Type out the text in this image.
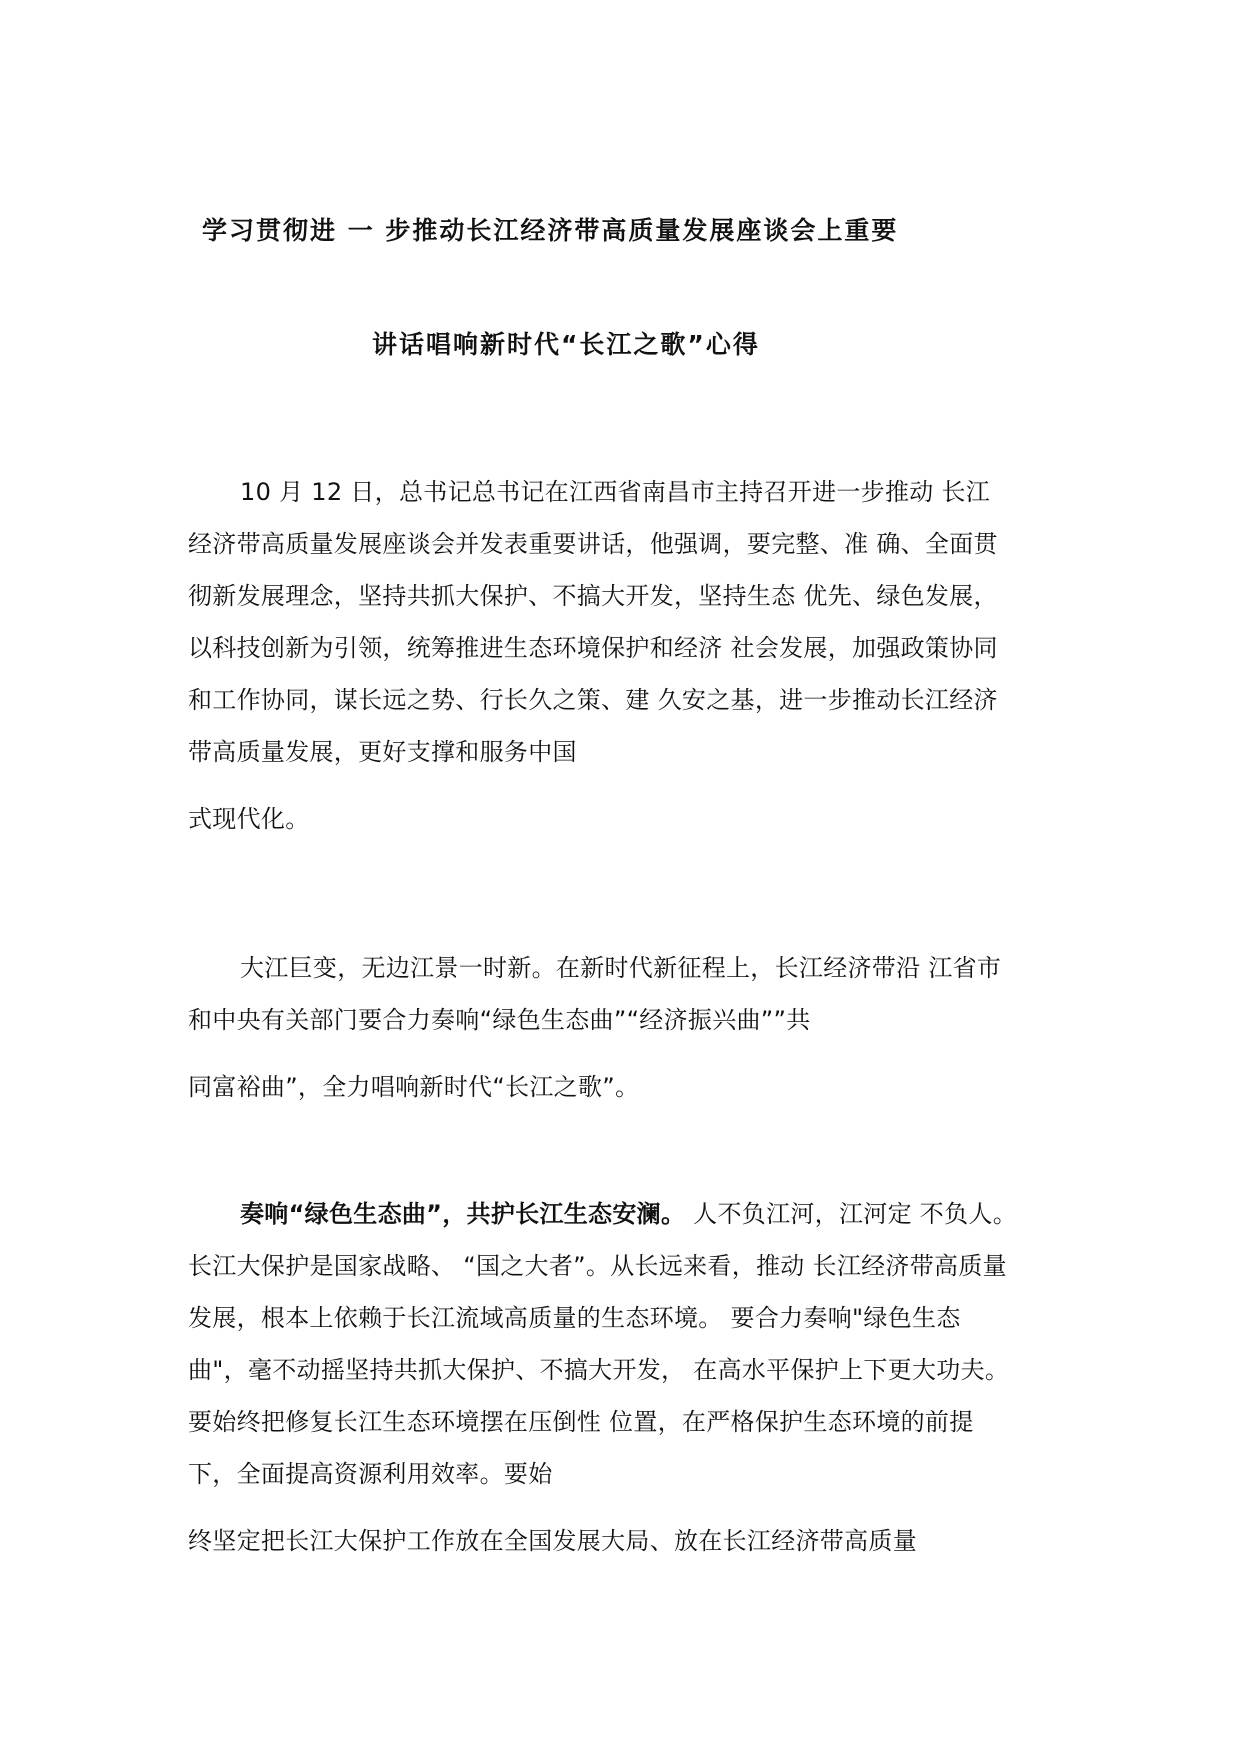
学习贯彻进 一 步推动长江经济带高质量发展座谈会上重要
讲话唱响新时代“长江之歌”心得
10 月 12 日，总书记总书记在江西省南昌市主持召开进一步推动 长江
经济带高质量发展座谈会并发表重要讲话，他强调，要完整、准 确、全面贯
彻新发展理念，坚持共抓大保护、不搞大开发，坚持生态 优先、绿色发展，
以科技创新为引领，统筹推进生态环境保护和经济 社会发展，加强政策协同
和工作协同，谋长远之势、行长久之策、建 久安之基，进一步推动长江经济
带高质量发展，更好支撑和服务中国
式现代化。
大江巨变，无边江景一时新。在新时代新征程上，长江经济带沿 江省市
和中央有关部门要合力奏响“绿色生态曲”“经济振兴曲””共
同富裕曲”，全力唱响新时代“长江之歌”。
奏响“绿色生态曲”，共护长江生态安澜。 人不负江河，江河定 不负人。
长江大保护是国家战略、 “国之大者”。从长远来看，推动 长江经济带高质量
发展，根本上依赖于长江流域高质量的生态环境。 要合力奏响"绿色生态
曲"，毫不动摇坚持共抓大保护、不搞大开发， 在高水平保护上下更大功夫。
要始终把修复长江生态环境摆在压倒性 位置，在严格保护生态环境的前提
下，全面提高资源利用效率。要始
终坚定把长江大保护工作放在全国发展大局、放在长江经济带高质量
